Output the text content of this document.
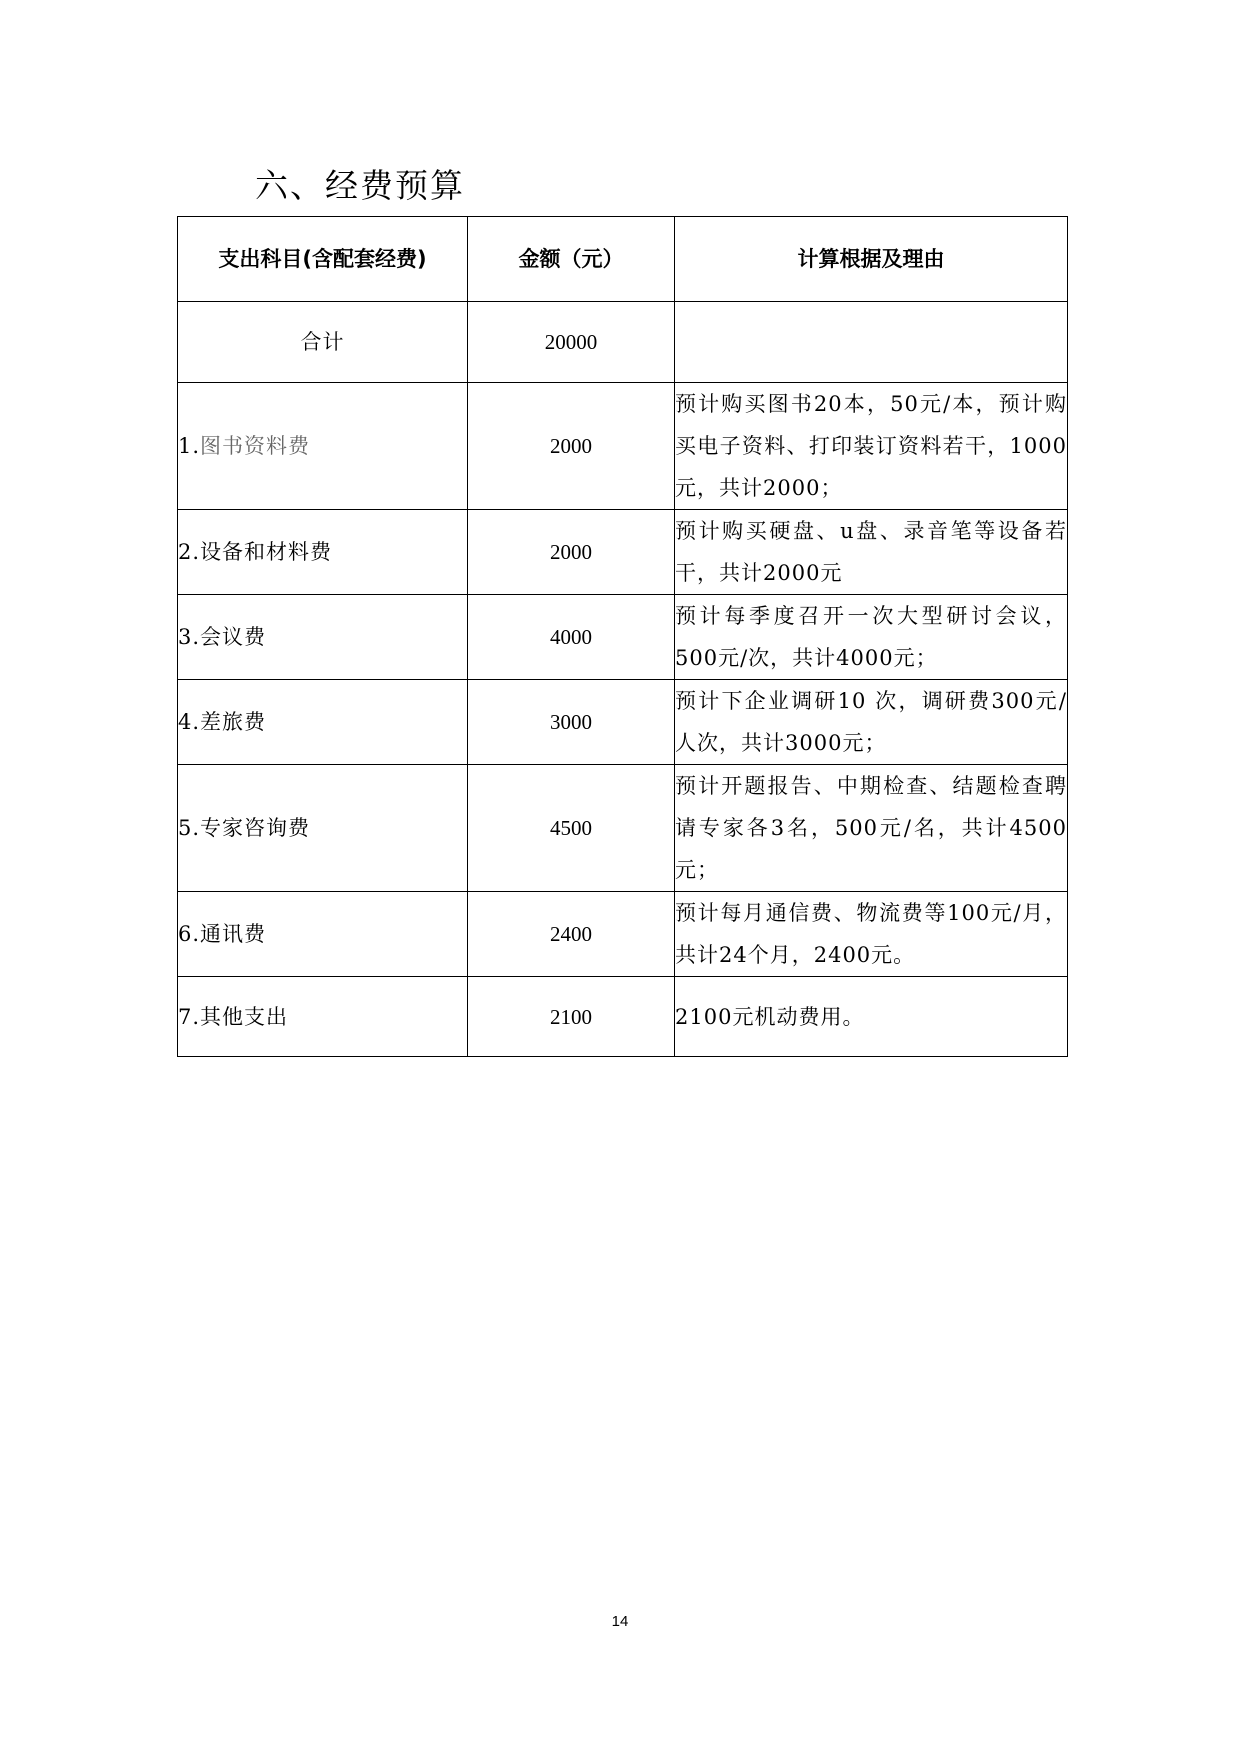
六、经费预算
支出科目(含配套经费)	金额（元）	计算根据及理由
合计	20000	
1.图书资料费	2000	预计购买图书20本，50元/本，预计购买电子资料、打印装订资料若干，1000元，共计2000；
2.设备和材料费	2000	预计购买硬盘、u盘、录音笔等设备若干，共计2000元
3.会议费	4000	预计每季度召开一次大型研讨会议，500元/次，共计4000元；
4.差旅费	3000	预计下企业调研10 次，调研费300元/人次，共计3000元；
5.专家咨询费	4500	预计开题报告、中期检查、结题检查聘请专家各3名，500元/名，共计4500元；
6.通讯费	2400	预计每月通信费、物流费等100元/月，共计24个月，2400元。
7.其他支出	2100	2100元机动费用。
14
